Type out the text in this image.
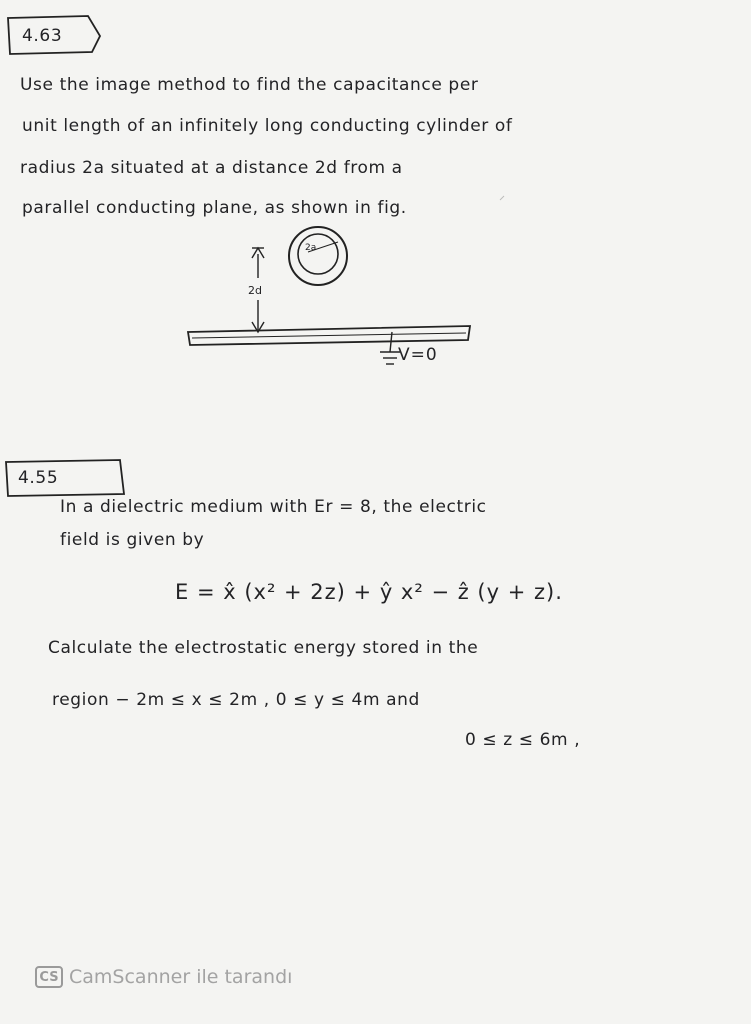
4.63
Use the image method to find the capacitance per
unit length of an infinitely long conducting cylinder of
radius 2a situated at a distance 2d from a
parallel conducting plane, as shown in fig.
2d
2a
V=0
4.55
In a dielectric medium with Er = 8, the electric
field is given by
E = x̂ (x² + 2z) + ŷ x² − ẑ (y + z).
Calculate the electrostatic energy stored in the
region − 2m ≤ x ≤ 2m , 0 ≤ y ≤ 4m and
0 ≤ z ≤ 6m ,
CS CamScanner ile tarandı
